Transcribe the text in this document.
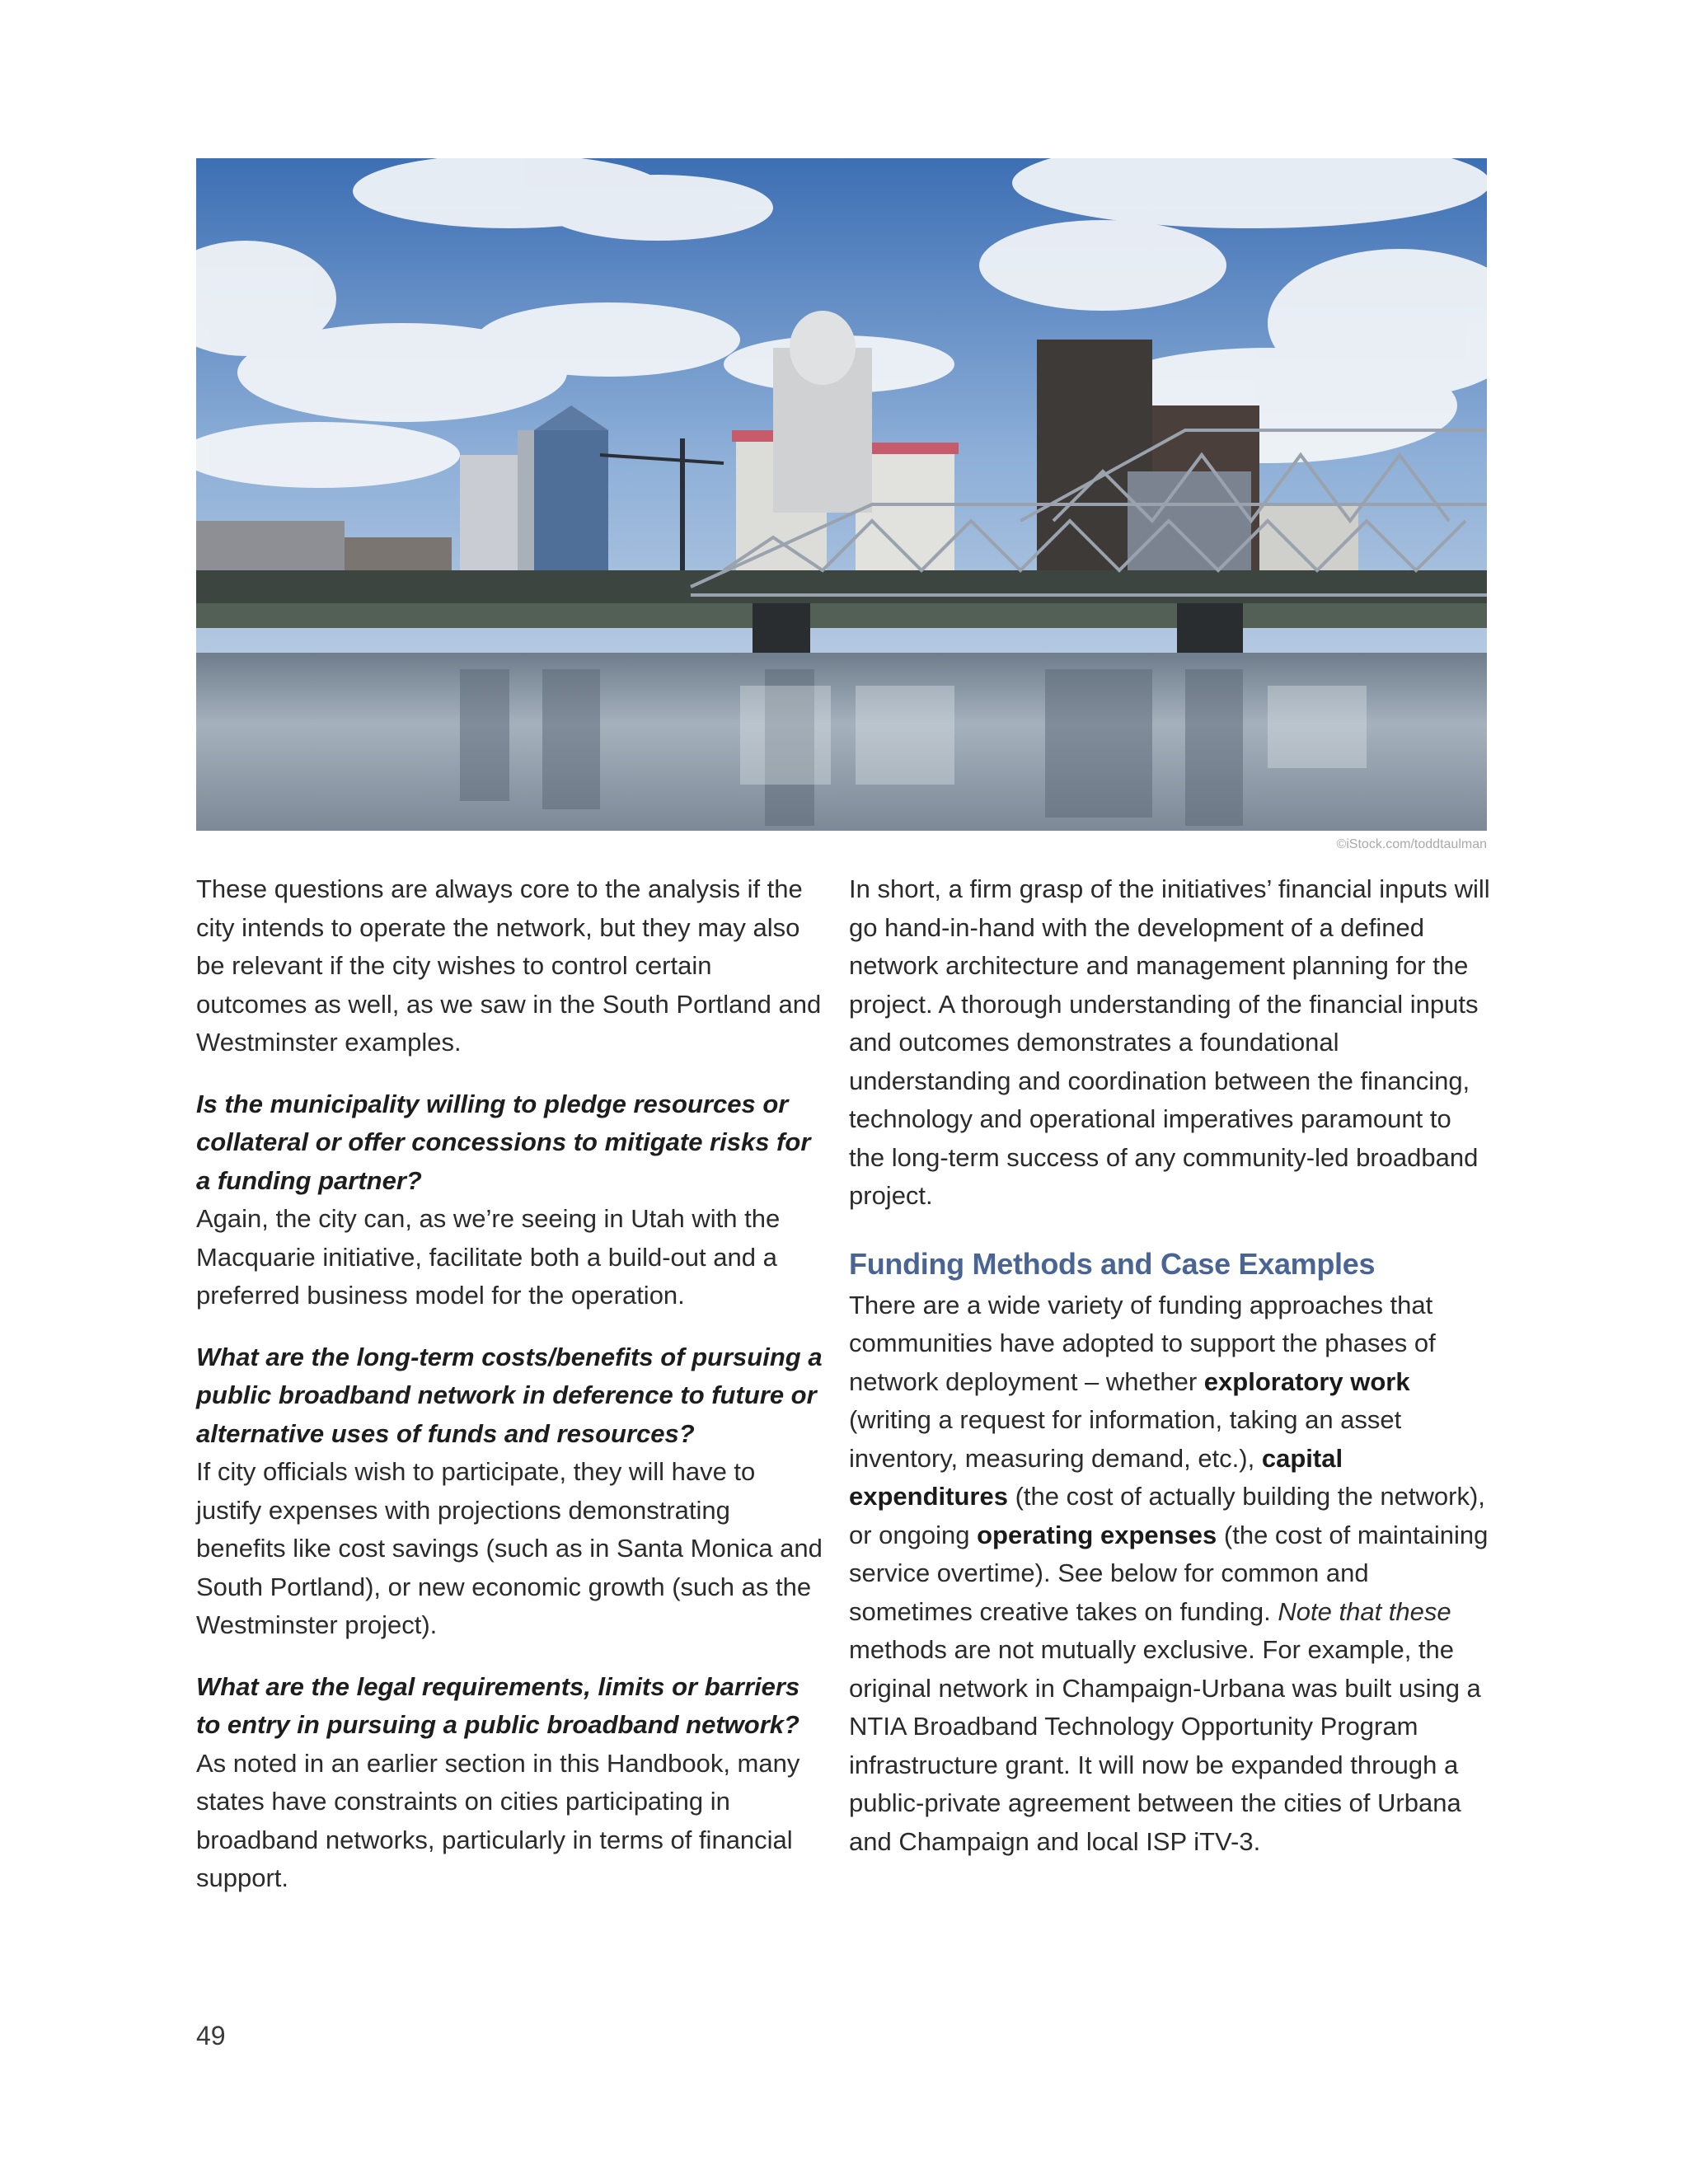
©iStock.com/toddtaulman

These questions are always core to the analysis if the city intends to operate the network, but they may also be relevant if the city wishes to control certain outcomes as well, as we saw in the South Portland and Westminster examples.

Is the municipality willing to pledge resources or collateral or offer concessions to mitigate risks for a funding partner?
Again, the city can, as we’re seeing in Utah with the Macquarie initiative, facilitate both a build-out and a preferred business model for the operation.

What are the long-term costs/benefits of pursuing a public broadband network in deference to future or alternative uses of funds and resources?
If city officials wish to participate, they will have to justify expenses with projections demonstrating benefits like cost savings (such as in Santa Monica and South Portland), or new economic growth (such as the Westminster project).

What are the legal requirements, limits or barriers to entry in pursuing a public broadband network?
As noted in an earlier section in this Handbook, many states have constraints on cities participating in broadband networks, particularly in terms of financial support.

In short, a firm grasp of the initiatives’ financial inputs will go hand-in-hand with the development of a defined network architecture and management planning for the project. A thorough understanding of the financial inputs and outcomes demonstrates a foundational understanding and coordination between the financing, technology and operational imperatives paramount to the long-term success of any community-led broadband project.

Funding Methods and Case Examples

There are a wide variety of funding approaches that communities have adopted to support the phases of network deployment – whether exploratory work (writing a request for information, taking an asset inventory, measuring demand, etc.), capital expenditures (the cost of actually building the network), or ongoing operating expenses (the cost of maintaining service overtime). See below for common and sometimes creative takes on funding. Note that these methods are not mutually exclusive. For example, the original network in Champaign-Urbana was built using a NTIA Broadband Technology Opportunity Program infrastructure grant. It will now be expanded through a public-private agreement between the cities of Urbana and Champaign and local ISP iTV-3.

49
